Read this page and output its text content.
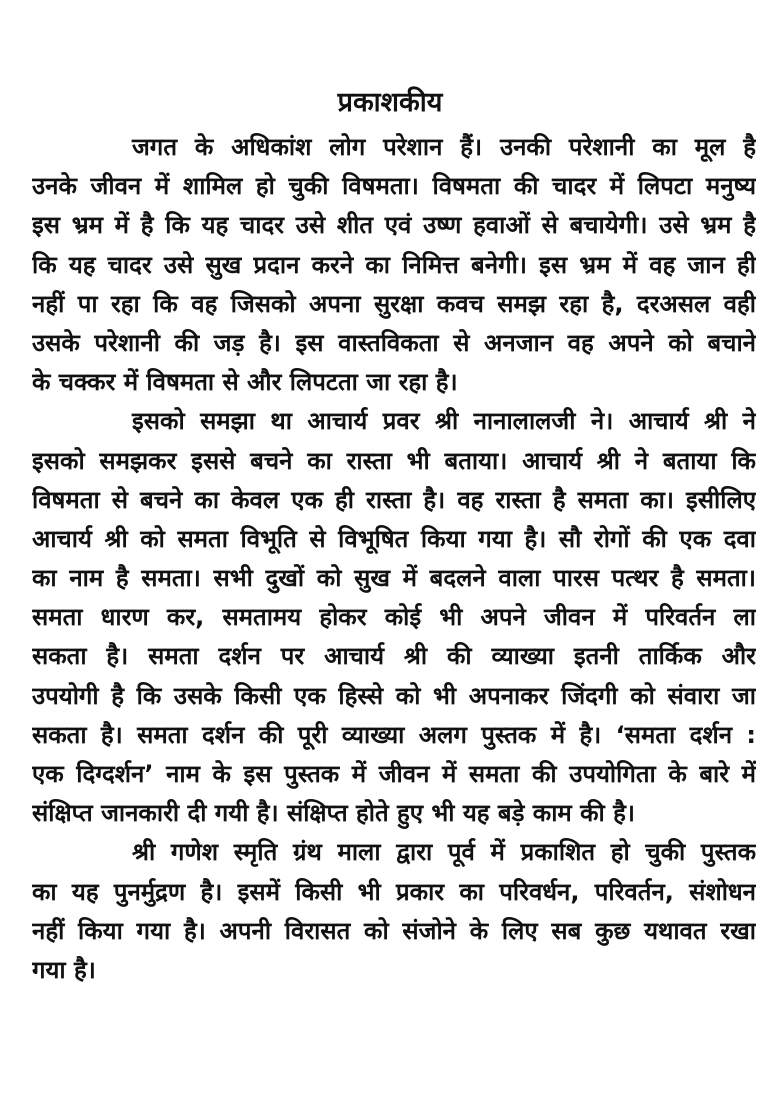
प्रकाशकीय
जगत के अधिकांश लोग परेशान हैं। उनकी परेशानी का मूल है
उनके जीवन में शामिल हो चुकी विषमता। विषमता की चादर में लिपटा मनुष्य
इस भ्रम में है कि यह चादर उसे शीत एवं उष्ण हवाओं से बचायेगी। उसे भ्रम है
कि यह चादर उसे सुख प्रदान करने का निमित्त बनेगी। इस भ्रम में वह जान ही
नहीं पा रहा कि वह जिसको अपना सुरक्षा कवच समझ रहा है, दरअसल वही
उसके परेशानी की जड़ है। इस वास्तविकता से अनजान वह अपने को बचाने
के चक्कर में विषमता से और लिपटता जा रहा है।
इसको समझा था आचार्य प्रवर श्री नानालालजी ने। आचार्य श्री ने
इसको समझकर इससे बचने का रास्ता भी बताया। आचार्य श्री ने बताया कि
विषमता से बचने का केवल एक ही रास्ता है। वह रास्ता है समता का। इसीलिए
आचार्य श्री को समता विभूति से विभूषित किया गया है। सौ रोगों की एक दवा
का नाम है समता। सभी दुखों को सुख में बदलने वाला पारस पत्थर है समता।
समता धारण कर, समतामय होकर कोई भी अपने जीवन में परिवर्तन ला
सकता है। समता दर्शन पर आचार्य श्री की व्याख्या इतनी तार्किक और
उपयोगी है कि उसके किसी एक हिस्से को भी अपनाकर जिंदगी को संवारा जा
सकता है। समता दर्शन की पूरी व्याख्या अलग पुस्तक में है। ‘समता दर्शन :
एक दिग्दर्शन’ नाम के इस पुस्तक में जीवन में समता की उपयोगिता के बारे में
संक्षिप्त जानकारी दी गयी है। संक्षिप्त होते हुए भी यह बड़े काम की है।
श्री गणेश स्मृति ग्रंथ माला द्वारा पूर्व में प्रकाशित हो चुकी पुस्तक
का यह पुनर्मुद्रण है। इसमें किसी भी प्रकार का परिवर्धन, परिवर्तन, संशोधन
नहीं किया गया है। अपनी विरासत को संजोने के लिए सब कुछ यथावत रखा
गया है।
